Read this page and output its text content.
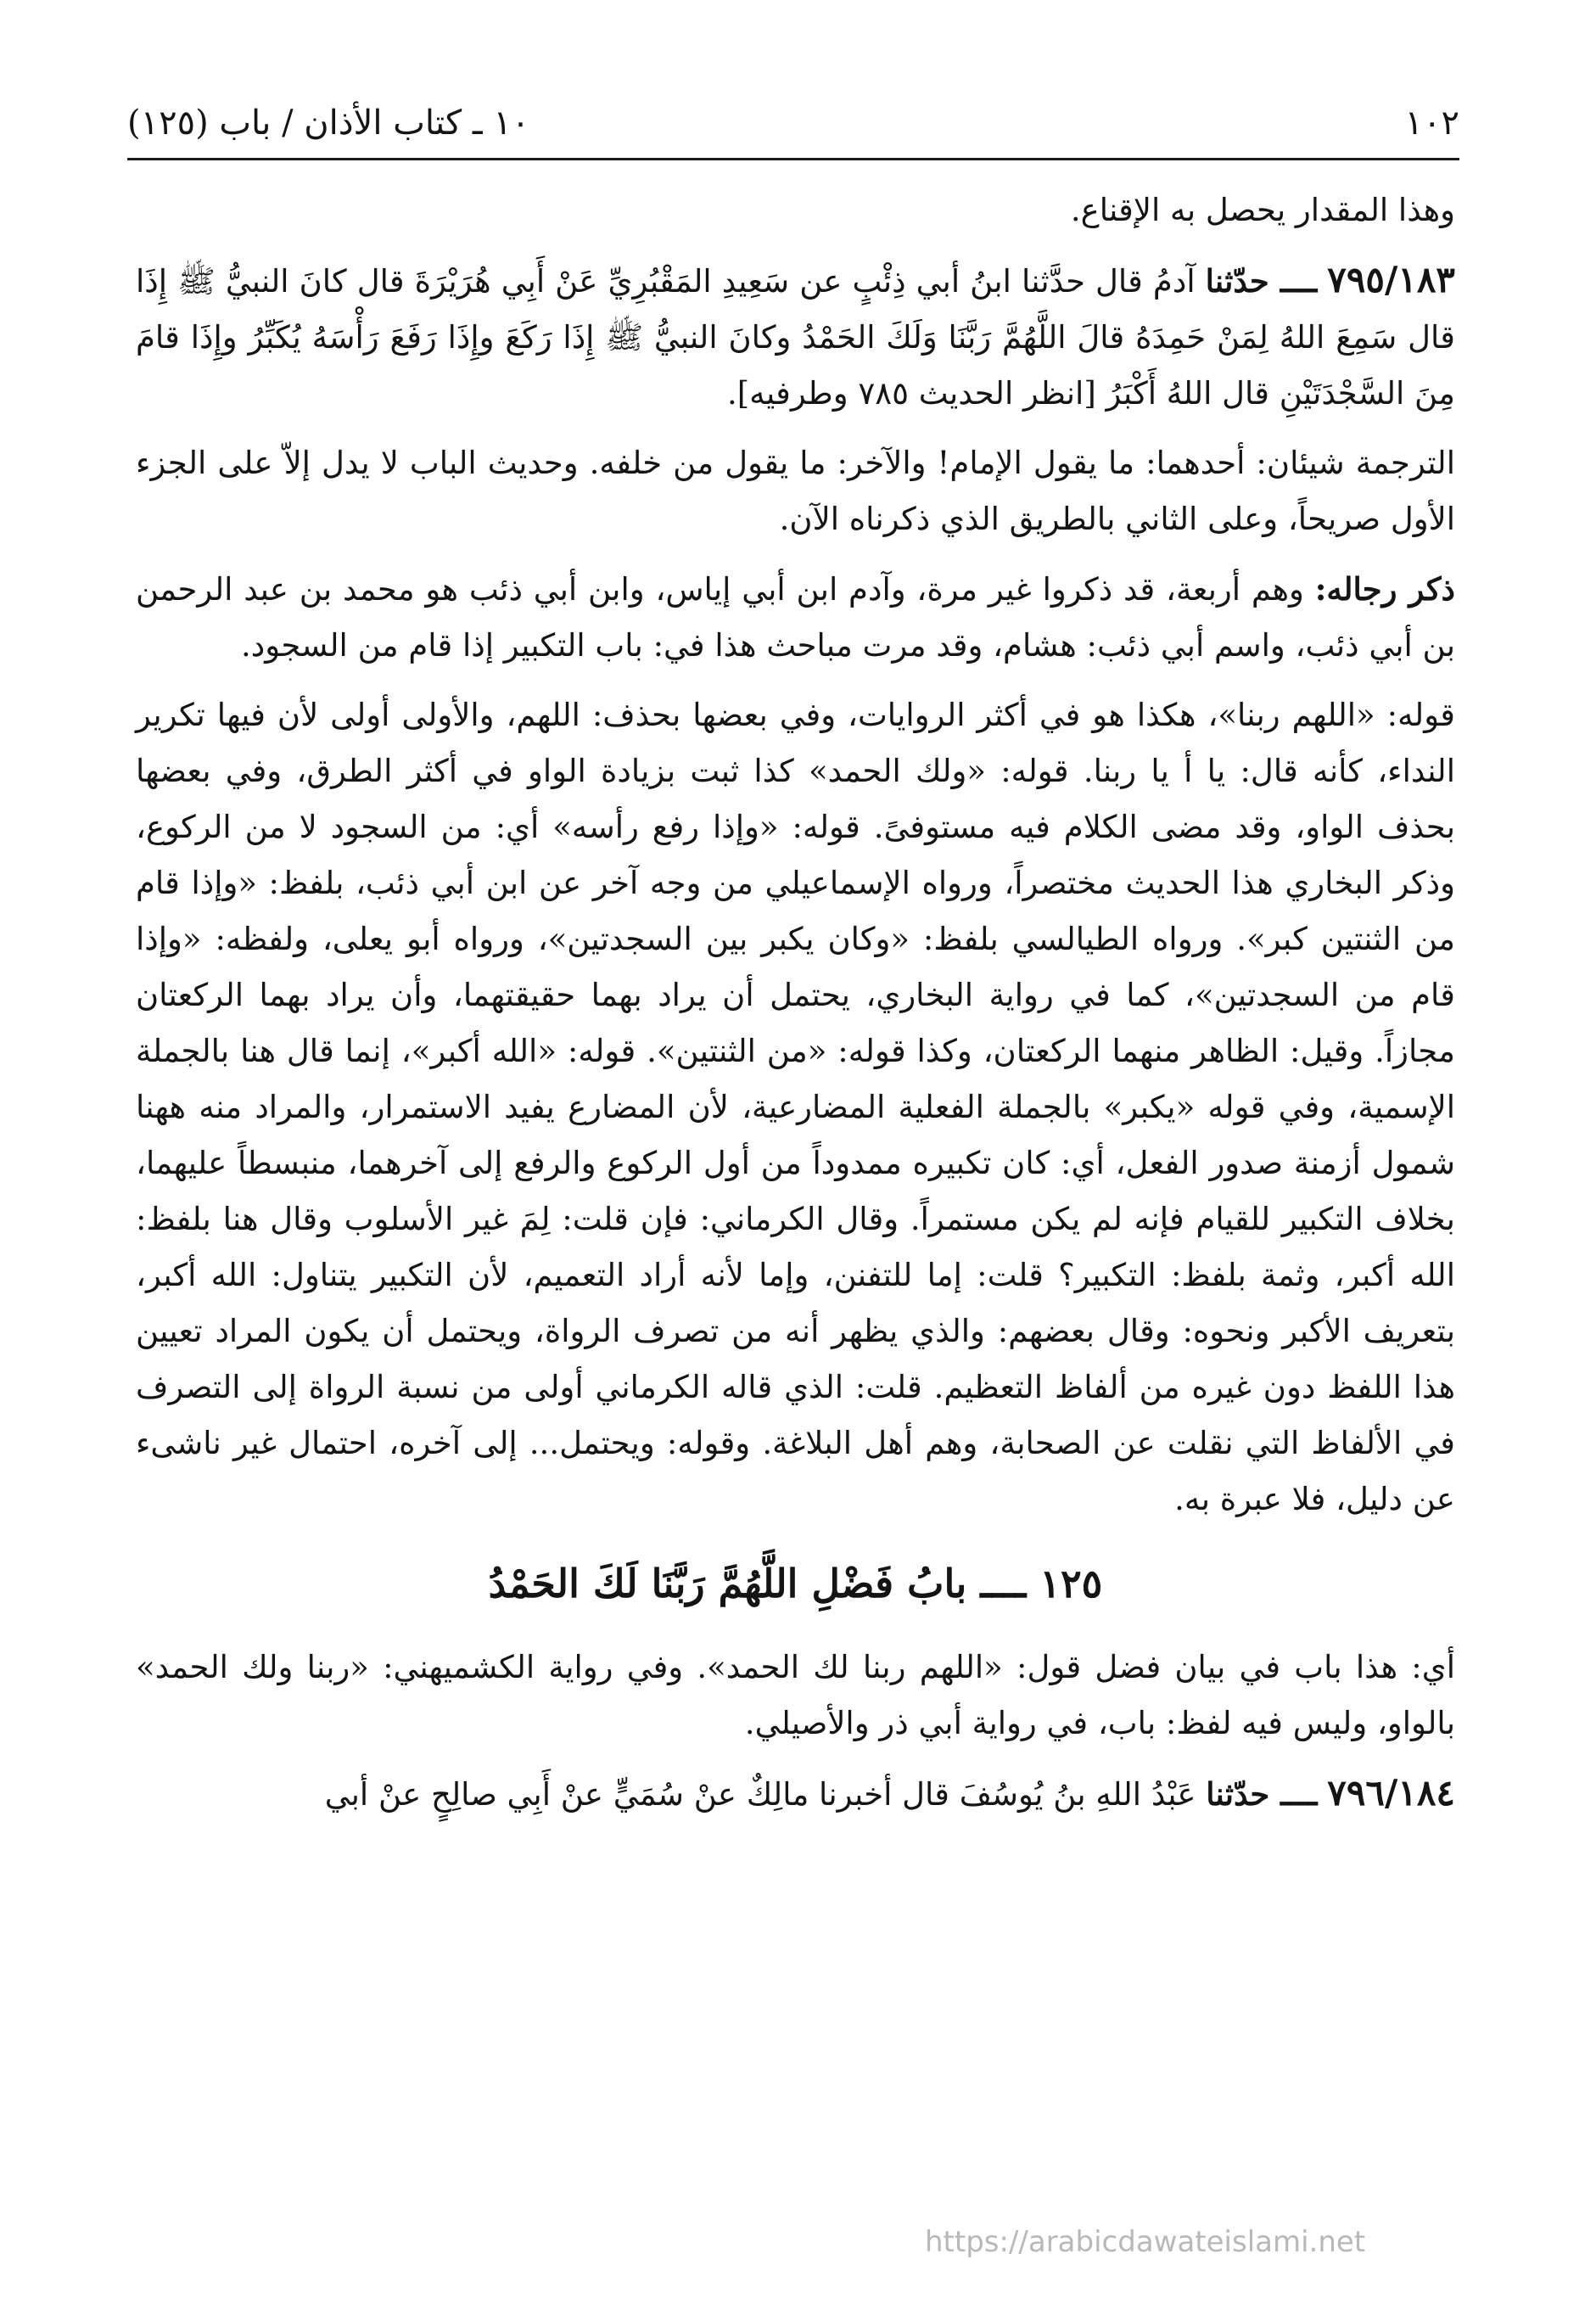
١٠٢
١٠ ـ كتاب الأذان / باب (١٢٥)

وهذا المقدار يحصل به الإقناع.

٧٩٥/١٨٣ ــــ حدّثنا آدمُ قال حدَّثنا ابنُ أبي ذِئْبٍ عن سَعِيدِ المَقْبُرِيِّ عَنْ أَبِي هُرَيْرَةَ قال كانَ النبيُّ ﷺ إِذَا قال سَمِعَ اللهُ لِمَنْ حَمِدَهُ قالَ اللَّهُمَّ رَبَّنَا وَلَكَ الحَمْدُ وكانَ النبيُّ ﷺ إِذَا رَكَعَ وإِذَا رَفَعَ رَأْسَهُ يُكَبِّرُ وإِذَا قامَ مِنَ السَّجْدَتَيْنِ قال اللهُ أَكْبَرُ [انظر الحديث ٧٨٥ وطرفيه].

الترجمة شيئان: أحدهما: ما يقول الإمام! والآخر: ما يقول من خلفه. وحديث الباب لا يدل إلاّ على الجزء الأول صريحاً، وعلى الثاني بالطريق الذي ذكرناه الآن.

ذكر رجاله: وهم أربعة، قد ذكروا غير مرة، وآدم ابن أبي إياس، وابن أبي ذئب هو محمد بن عبد الرحمن بن أبي ذئب، واسم أبي ذئب: هشام، وقد مرت مباحث هذا في: باب التكبير إذا قام من السجود.

قوله: «اللهم ربنا»، هكذا هو في أكثر الروايات، وفي بعضها بحذف: اللهم، والأولى أولى لأن فيها تكرير النداء، كأنه قال: يا أ يا ربنا. قوله: «ولك الحمد» كذا ثبت بزيادة الواو في أكثر الطرق، وفي بعضها بحذف الواو، وقد مضى الكلام فيه مستوفىً. قوله: «وإذا رفع رأسه» أي: من السجود لا من الركوع، وذكر البخاري هذا الحديث مختصراً، ورواه الإسماعيلي من وجه آخر عن ابن أبي ذئب، بلفظ: «وإذا قام من الثنتين كبر». ورواه الطيالسي بلفظ: «وكان يكبر بين السجدتين»، ورواه أبو يعلى، ولفظه: «وإذا قام من السجدتين»، كما في رواية البخاري، يحتمل أن يراد بهما حقيقتهما، وأن يراد بهما الركعتان مجازاً. وقيل: الظاهر منهما الركعتان، وكذا قوله: «من الثنتين». قوله: «الله أكبر»، إنما قال هنا بالجملة الإسمية، وفي قوله «يكبر» بالجملة الفعلية المضارعية، لأن المضارع يفيد الاستمرار، والمراد منه ههنا شمول أزمنة صدور الفعل، أي: كان تكبيره ممدوداً من أول الركوع والرفع إلى آخرهما، منبسطاً عليهما، بخلاف التكبير للقيام فإنه لم يكن مستمراً. وقال الكرماني: فإن قلت: لِمَ غير الأسلوب وقال هنا بلفظ: الله أكبر، وثمة بلفظ: التكبير؟ قلت: إما للتفنن، وإما لأنه أراد التعميم، لأن التكبير يتناول: الله أكبر، بتعريف الأكبر ونحوه: وقال بعضهم: والذي يظهر أنه من تصرف الرواة، ويحتمل أن يكون المراد تعيين هذا اللفظ دون غيره من ألفاظ التعظيم. قلت: الذي قاله الكرماني أولى من نسبة الرواة إلى التصرف في الألفاظ التي نقلت عن الصحابة، وهم أهل البلاغة. وقوله: ويحتمل... إلى آخره، احتمال غير ناشىء عن دليل، فلا عبرة به.

١٢٥ ــــ بابُ فَضْلِ اللَّهُمَّ رَبَّنَا لَكَ الحَمْدُ

أي: هذا باب في بيان فضل قول: «اللهم ربنا لك الحمد». وفي رواية الكشميهني: «ربنا ولك الحمد» بالواو، وليس فيه لفظ: باب، في رواية أبي ذر والأصيلي.

٧٩٦/١٨٤ ــــ حدّثنا عَبْدُ اللهِ بنُ يُوسُفَ قال أخبرنا مالِكٌ عنْ سُمَيٍّ عنْ أَبِي صالِحٍ عنْ أبي

https://arabicdawateislami.net
